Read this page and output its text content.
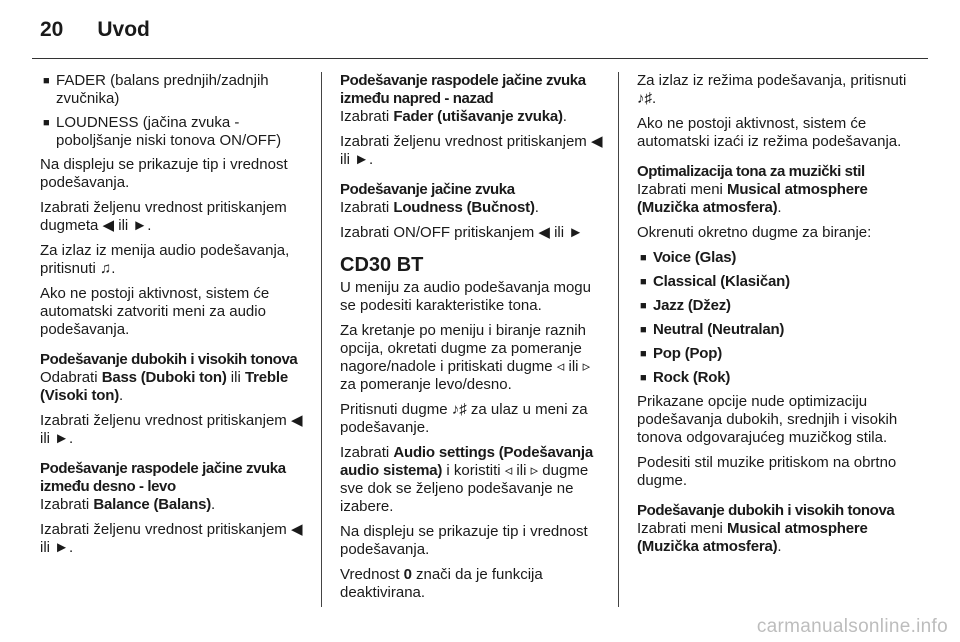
20 Uvod
■ FADER (balans prednjih/zadnjih zvučnika)
■ LOUDNESS (jačina zvuka - poboljšanje niski tonova ON/OFF)

Na displeju se prikazuje tip i vrednost podešavanja.

Izabrati željenu vrednost pritiskanjem dugmeta ◀ ili ►.

Za izlaz iz menija audio podešavanja, pritisnuti ♫.

Ako ne postoji aktivnost, sistem će automatski zatvoriti meni za audio podešavanja.

Podešavanje dubokih i visokih tonova

Odabrati Bass (Duboki ton) ili Treble (Visoki ton).

Izabrati željenu vrednost pritiskanjem ◀ ili ►.

Podešavanje raspodele jačine zvuka između desno - levo

Izabrati Balance (Balans).

Izabrati željenu vrednost pritiskanjem ◀ ili ►.

Podešavanje raspodele jačine zvuka između napred - nazad

Izabrati Fader (utišavanje zvuka).

Izabrati željenu vrednost pritiskanjem ◀ ili ►.

Podešavanje jačine zvuka

Izabrati Loudness (Bučnost).

Izabrati ON/OFF pritiskanjem ◀ ili ►

CD30 BT

U meniju za audio podešavanja mogu se podesiti karakteristike tona.

Za kretanje po meniju i biranje raznih opcija, okretati dugme za pomeranje nagore/nadole i pritiskati dugme ◃ ili ▹ za pomeranje levo/desno.

Pritisnuti dugme ♪♯ za ulaz u meni za podešavanje.

Izabrati Audio settings (Podešavanja audio sistema) i koristiti ◃ ili ▹ dugme sve dok se željeno podešavanje ne izabere.

Na displeju se prikazuje tip i vrednost podešavanja.

Vrednost 0 znači da je funkcija deaktivirana.

Za izlaz iz režima podešavanja, pritisnuti ♪♯.

Ako ne postoji aktivnost, sistem će automatski izaći iz režima podešavanja.

Optimalizacija tona za muzički stil

Izabrati meni Musical atmosphere (Muzička atmosfera).

Okrenuti okretno dugme za biranje:

■ Voice (Glas)
■ Classical (Klasičan)
■ Jazz (Džez)
■ Neutral (Neutralan)
■ Pop (Pop)
■ Rock (Rok)

Prikazane opcije nude optimizaciju podešavanja dubokih, srednjih i visokih tonova odgovarajućeg muzičkog stila.

Podesiti stil muzike pritiskom na obrtno dugme.

Podešavanje dubokih i visokih tonova

Izabrati meni Musical atmosphere (Muzička atmosfera).

carmanualsonline.info
